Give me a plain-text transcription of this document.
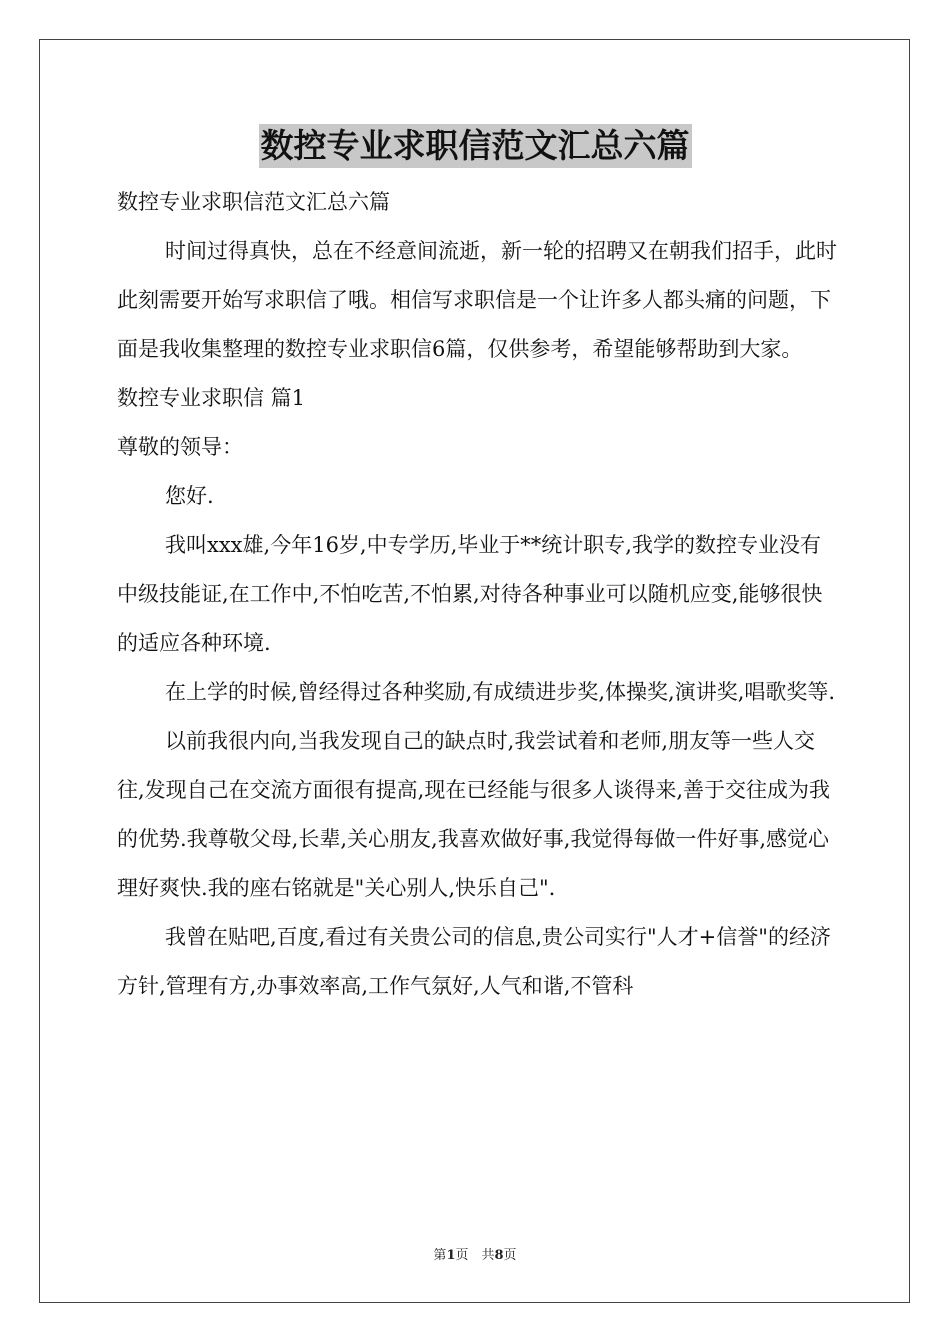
数控专业求职信范文汇总六篇

数控专业求职信范文汇总六篇

时间过得真快，总在不经意间流逝，新一轮的招聘又在朝我们招手，此时此刻需要开始写求职信了哦。相信写求职信是一个让许多人都头痛的问题，下面是我收集整理的数控专业求职信6篇，仅供参考，希望能够帮助到大家。

数控专业求职信 篇1

尊敬的领导：

您好.

我叫xxx雄,今年16岁,中专学历,毕业于**统计职专,我学的数控专业没有中级技能证,在工作中,不怕吃苦,不怕累,对待各种事业可以随机应变,能够很快的适应各种环境.

在上学的时候,曾经得过各种奖励,有成绩进步奖,体操奖,演讲奖,唱歌奖等.

以前我很内向,当我发现自己的缺点时,我尝试着和老师,朋友等一些人交往,发现自己在交流方面很有提高,现在已经能与很多人谈得来,善于交往成为我的优势.我尊敬父母,长辈,关心朋友,我喜欢做好事,我觉得每做一件好事,感觉心理好爽快.我的座右铭就是"关心别人,快乐自己".

我曾在贴吧,百度,看过有关贵公司的信息,贵公司实行"人才+信誉"的经济方针,管理有方,办事效率高,工作气氛好,人气和谐,不管科

第1页　共8页
